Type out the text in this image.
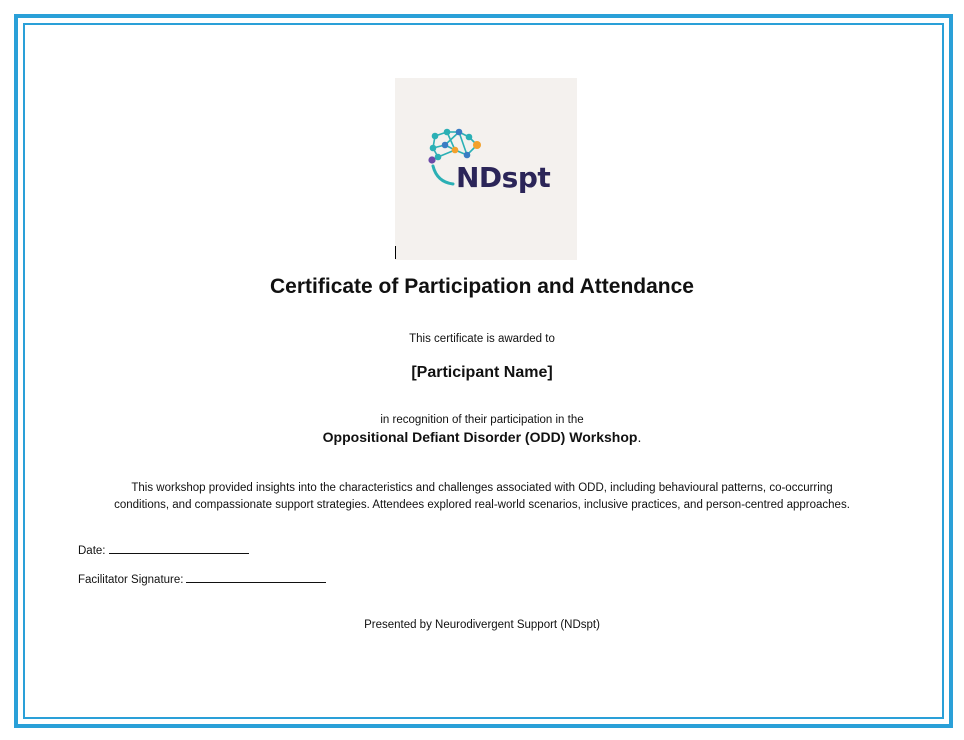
NDspt
Certificate of Participation and Attendance
This certificate is awarded to
[Participant Name]
in recognition of their participation in the
Oppositional Defiant Disorder (ODD) Workshop.
This workshop provided insights into the characteristics and challenges associated with ODD, including behavioural patterns, co-occurring
conditions, and compassionate support strategies. Attendees explored real-world scenarios, inclusive practices, and person-centred approaches.
Date:
Facilitator Signature:
Presented by Neurodivergent Support (NDspt)
